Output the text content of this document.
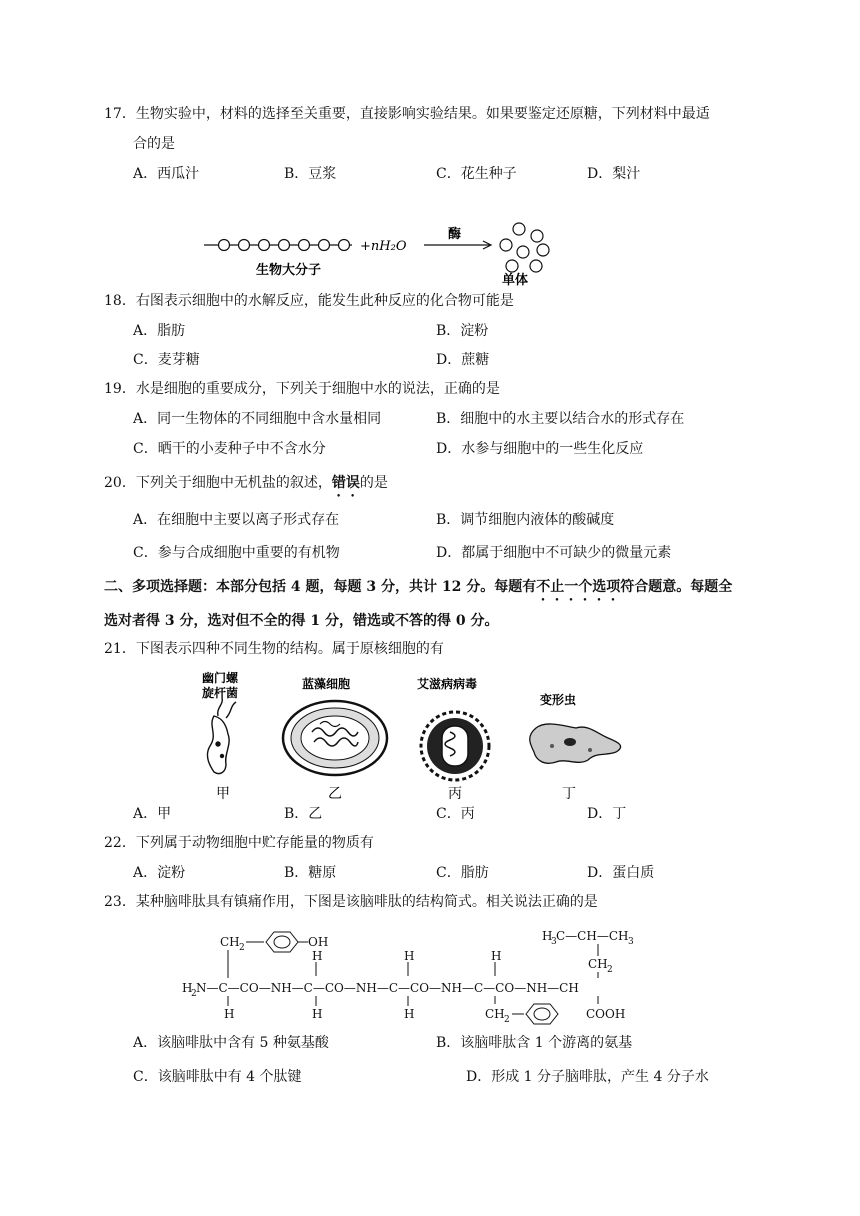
17．生物实验中，材料的选择至关重要，直接影响实验结果。如果要鉴定还原糖，下列材料中最适
合的是
A．西瓜汁	B．豆浆	C．花生种子	D．梨汁
+nH₂O
酶
生物大分子
单体
18．右图表示细胞中的水解反应，能发生此种反应的化合物可能是
A．脂肪	B．淀粉
C．麦芽糖	D．蔗糖
19．水是细胞的重要成分，下列关于细胞中水的说法，正确的是
A．同一生物体的不同细胞中含水量相同	B．细胞中的水主要以结合水的形式存在
C．晒干的小麦种子中不含水分	D．水参与细胞中的一些生化反应
20．下列关于细胞中无机盐的叙述，错误的是
A．在细胞中主要以离子形式存在	B．调节细胞内液体的酸碱度
C．参与合成细胞中重要的有机物	D．都属于细胞中不可缺少的微量元素
二、多项选择题：本部分包括 4 题，每题 3 分，共计 12 分。每题有不止一个选项符合题意。每题全
选对者得 3 分，选对但不全的得 1 分，错选或不答的得 0 分。
21．下图表示四种不同生物的结构。属于原核细胞的有
幽门螺
旋杆菌
蓝藻细胞	艾滋病病毒
变形虫
甲	乙	丙	丁
A．甲	B．乙	C．丙	D．丁
22．下列属于动物细胞中贮存能量的物质有
A．淀粉	B．糖原	C．脂肪	D．蛋白质
23．某种脑啡肽具有镇痛作用，下图是该脑啡肽的结构简式。相关说法正确的是
CH 2	OH	H
3 C—CH—CH 3
CH 2
H	H	H
H
2 N—C—CO—NH—C—CO—NH—C—CO—NH—C—CO—NH—CH
H	H	H	CH 2	COOH
A．该脑啡肽中含有 5 种氨基酸	B．该脑啡肽含 1 个游离的氨基
C．该脑啡肽中有 4 个肽键	D．形成 1 分子脑啡肽，产生 4 分子水
